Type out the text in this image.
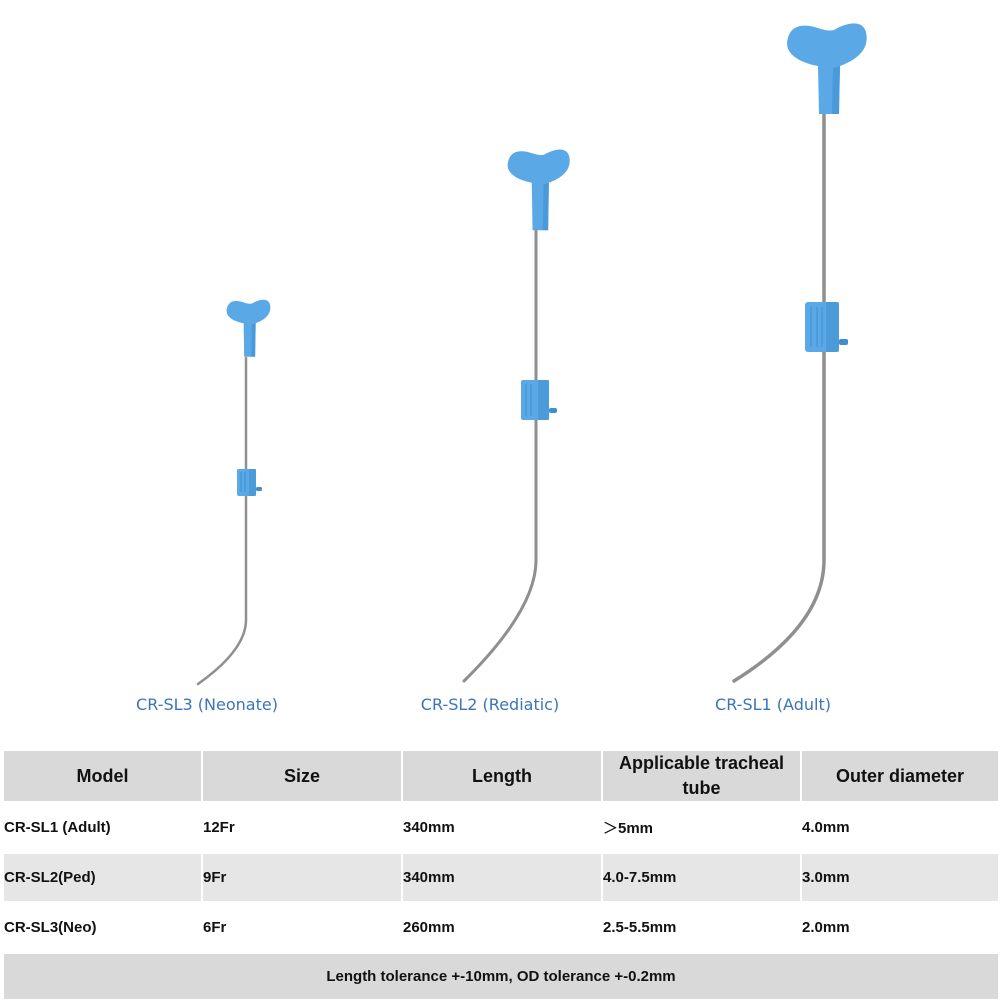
CR-SL3 (Neonate)	CR-SL2 (Rediatic)	CR-SL1 (Adult)
Model	Size	Length	Applicable tracheal tube	Outer diameter
CR-SL1 (Adult)	12Fr	340mm	＞5mm	4.0mm
CR-SL2(Ped)	9Fr	340mm	4.0-7.5mm	3.0mm
CR-SL3(Neo)	6Fr	260mm	2.5-5.5mm	2.0mm
Length tolerance +-10mm, OD tolerance +-0.2mm				
